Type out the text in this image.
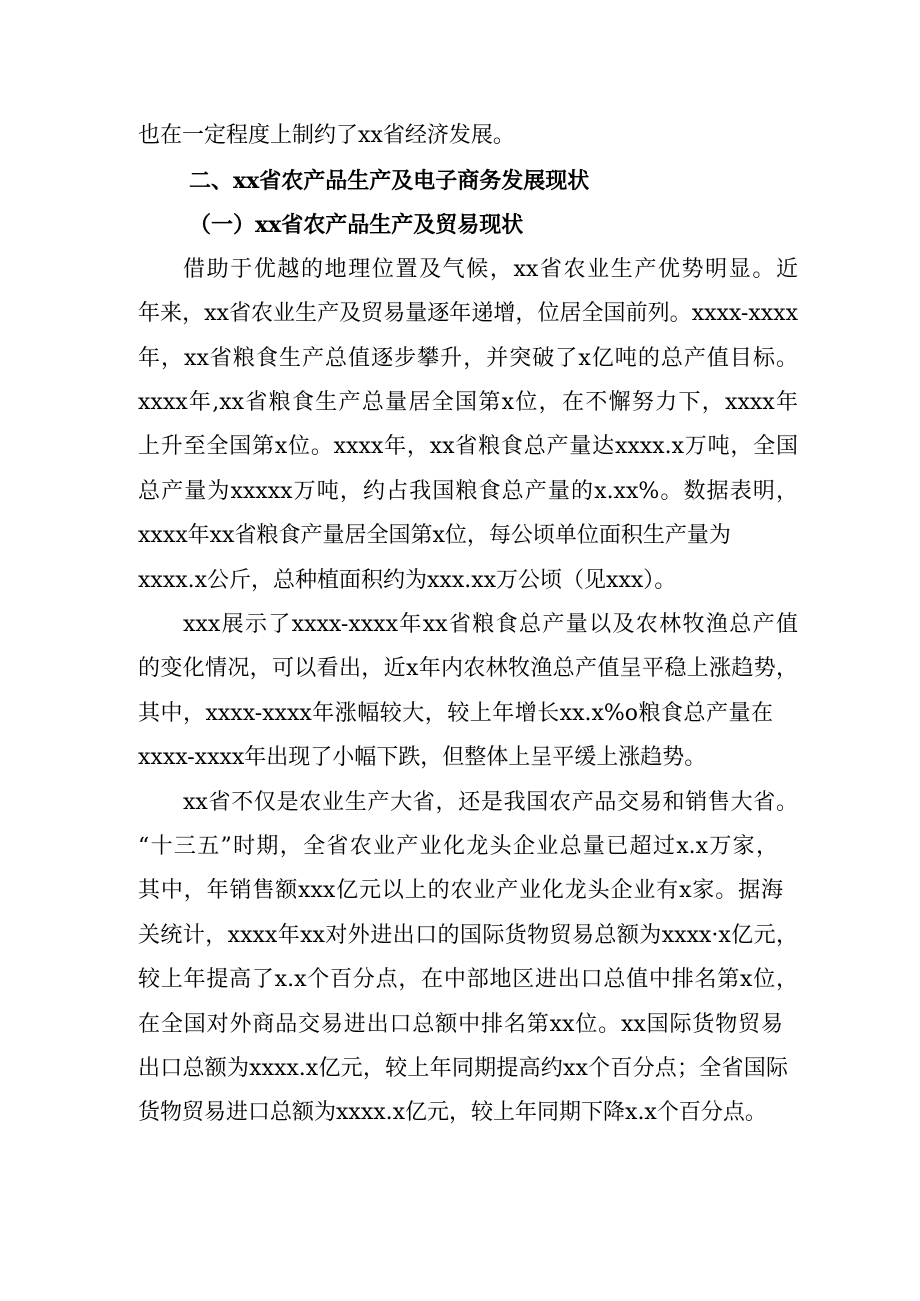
也在一定程度上制约了xx省经济发展。
二、xx省农产品生产及电子商务发展现状
（一）xx省农产品生产及贸易现状
借助于优越的地理位置及气候，xx省农业生产优势明显。近
年来，xx省农业生产及贸易量逐年递增，位居全国前列。xxxx-xxxx
年，xx省粮食生产总值逐步攀升，并突破了x亿吨的总产值目标。
xxxx年,xx省粮食生产总量居全国第x位，在不懈努力下，xxxx年
上升至全国第x位。xxxx年，xx省粮食总产量达xxxx.x万吨，全国
总产量为xxxxx万吨，约占我国粮食总产量的x.xx%。数据表明，
xxxx年xx省粮食产量居全国第x位，每公顷单位面积生产量为
xxxx.x公斤，总种植面积约为xxx.xx万公顷（见xxx）。
xxx展示了xxxx-xxxx年xx省粮食总产量以及农林牧渔总产值
的变化情况，可以看出，近x年内农林牧渔总产值呈平稳上涨趋势，
其中，xxxx-xxxx年涨幅较大，较上年增长xx.x%o粮食总产量在
xxxx-xxxx年出现了小幅下跌，但整体上呈平缓上涨趋势。
xx省不仅是农业生产大省，还是我国农产品交易和销售大省。
“十三五”时期，全省农业产业化龙头企业总量已超过x.x万家，
其中，年销售额xxx亿元以上的农业产业化龙头企业有x家。据海
关统计，xxxx年xx对外进出口的国际货物贸易总额为xxxx·x亿元，
较上年提高了x.x个百分点，在中部地区进出口总值中排名第x位，
在全国对外商品交易进出口总额中排名第xx位。xx国际货物贸易
出口总额为xxxx.x亿元，较上年同期提高约xx个百分点；全省国际
货物贸易进口总额为xxxx.x亿元，较上年同期下降x.x个百分点。
